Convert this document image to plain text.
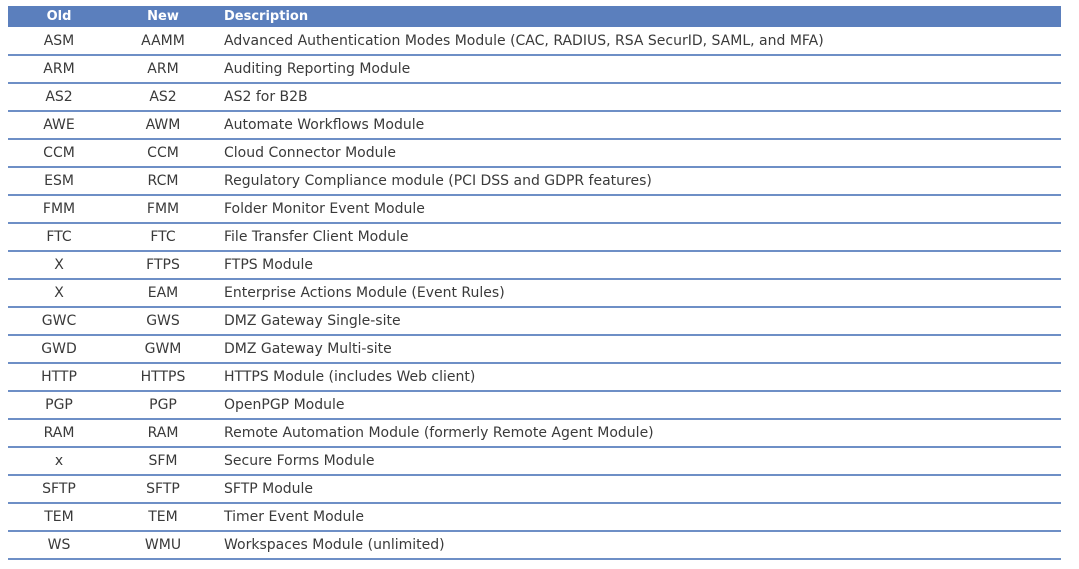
Old	New	Description
ASM	AAMM	Advanced Authentication Modes Module (CAC, RADIUS, RSA SecurID, SAML, and MFA)
ARM	ARM	Auditing Reporting Module
AS2	AS2	AS2 for B2B
AWE	AWM	Automate Workflows Module
CCM	CCM	Cloud Connector Module
ESM	RCM	Regulatory Compliance module (PCI DSS and GDPR features)
FMM	FMM	Folder Monitor Event Module
FTC	FTC	File Transfer Client Module
X	FTPS	FTPS Module
X	EAM	Enterprise Actions Module (Event Rules)
GWC	GWS	DMZ Gateway Single-site
GWD	GWM	DMZ Gateway Multi-site
HTTP	HTTPS	HTTPS Module (includes Web client)
PGP	PGP	OpenPGP Module
RAM	RAM	Remote Automation Module (formerly Remote Agent Module)
x	SFM	Secure Forms Module
SFTP	SFTP	SFTP Module
TEM	TEM	Timer Event Module
WS	WMU	Workspaces Module (unlimited)
